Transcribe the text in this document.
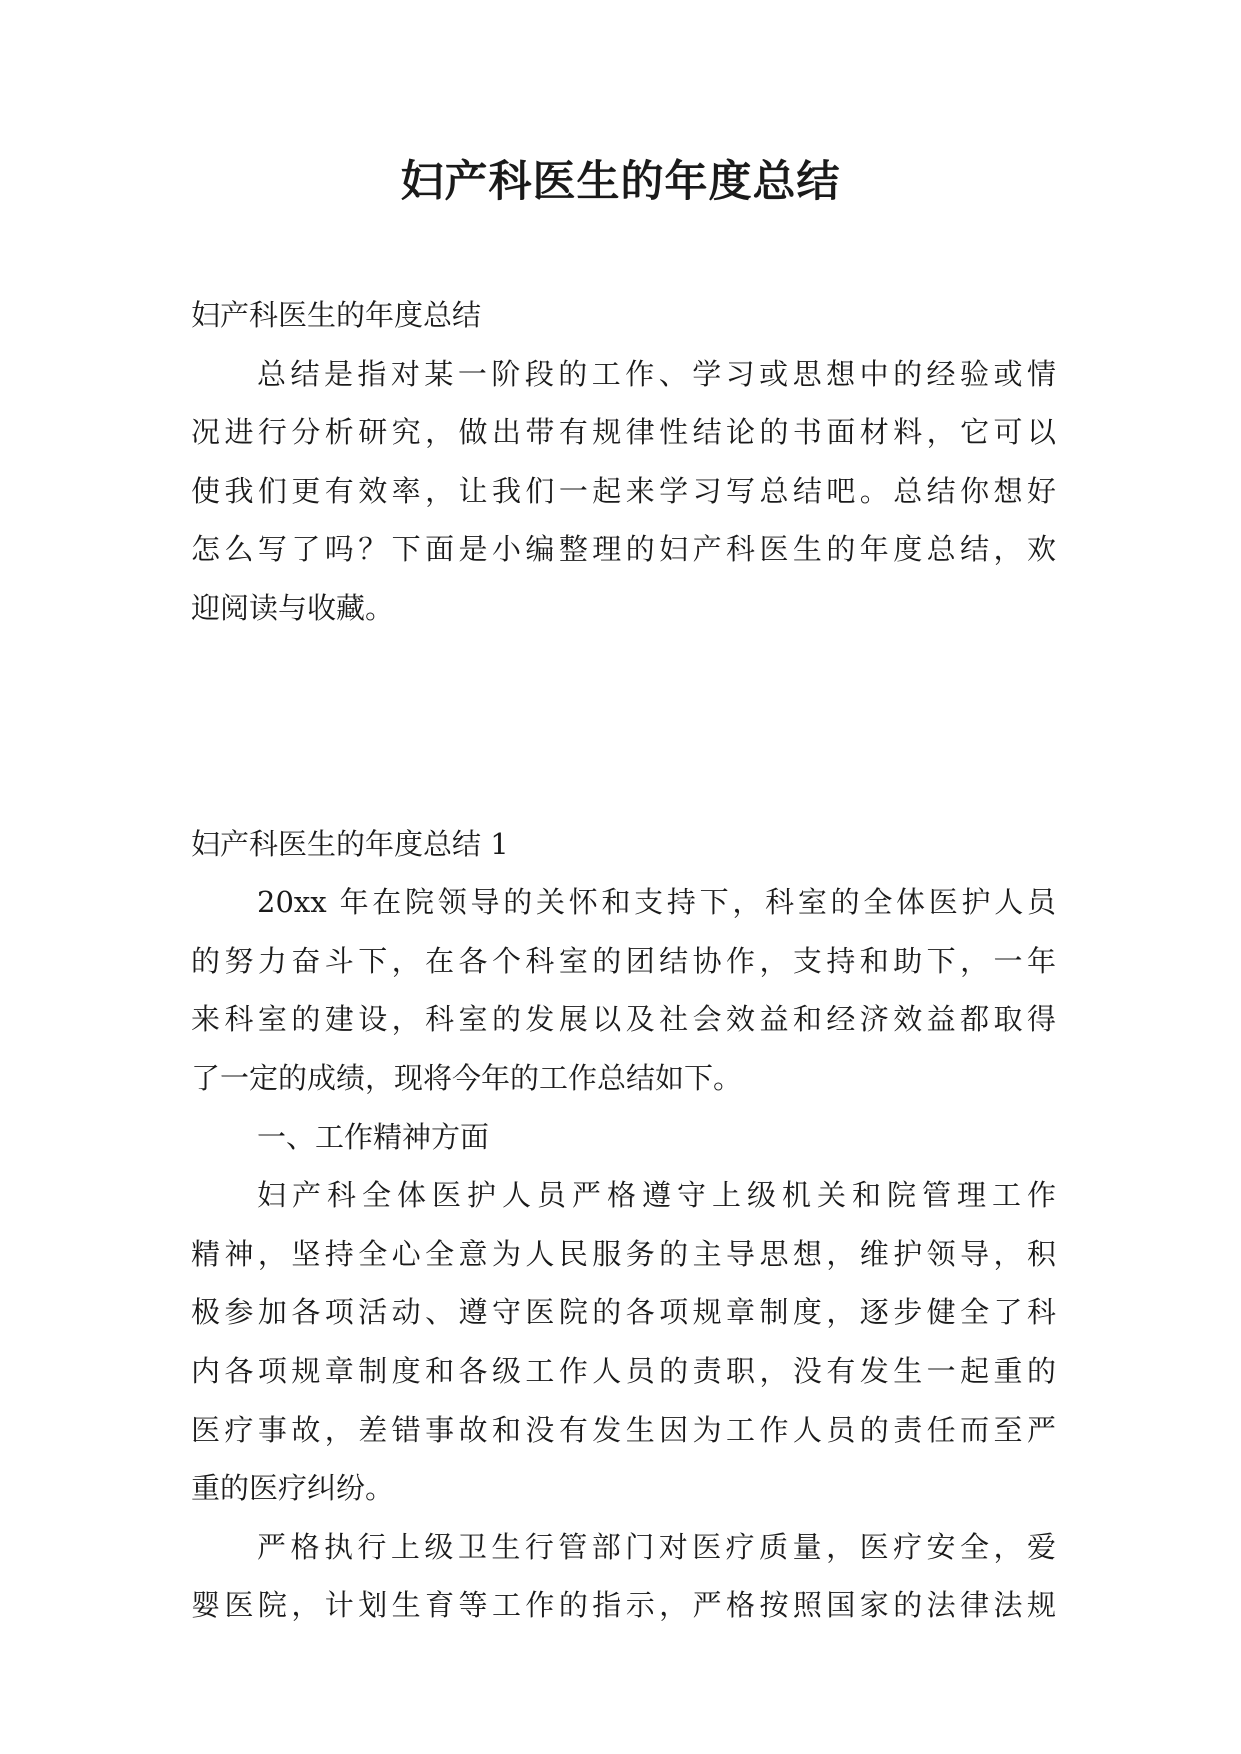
妇产科医生的年度总结

妇产科医生的年度总结

总结是指对某一阶段的工作、学习或思想中的经验或情

况进行分析研究，做出带有规律性结论的书面材料，它可以

使我们更有效率，让我们一起来学习写总结吧。总结你想好

怎么写了吗？下面是小编整理的妇产科医生的年度总结，欢

迎阅读与收藏。

妇产科医生的年度总结 1

20xx 年在院领导的关怀和支持下，科室的全体医护人员

的努力奋斗下，在各个科室的团结协作，支持和助下，一年

来科室的建设，科室的发展以及社会效益和经济效益都取得

了一定的成绩，现将今年的工作总结如下。

一、工作精神方面

妇产科全体医护人员严格遵守上级机关和院管理工作

精神，坚持全心全意为人民服务的主导思想，维护领导，积

极参加各项活动、遵守医院的各项规章制度，逐步健全了科

内各项规章制度和各级工作人员的责职，没有发生一起重的

医疗事故，差错事故和没有发生因为工作人员的责任而至严

重的医疗纠纷。

严格执行上级卫生行管部门对医疗质量，医疗安全，爱

婴医院，计划生育等工作的指示，严格按照国家的法律法规
